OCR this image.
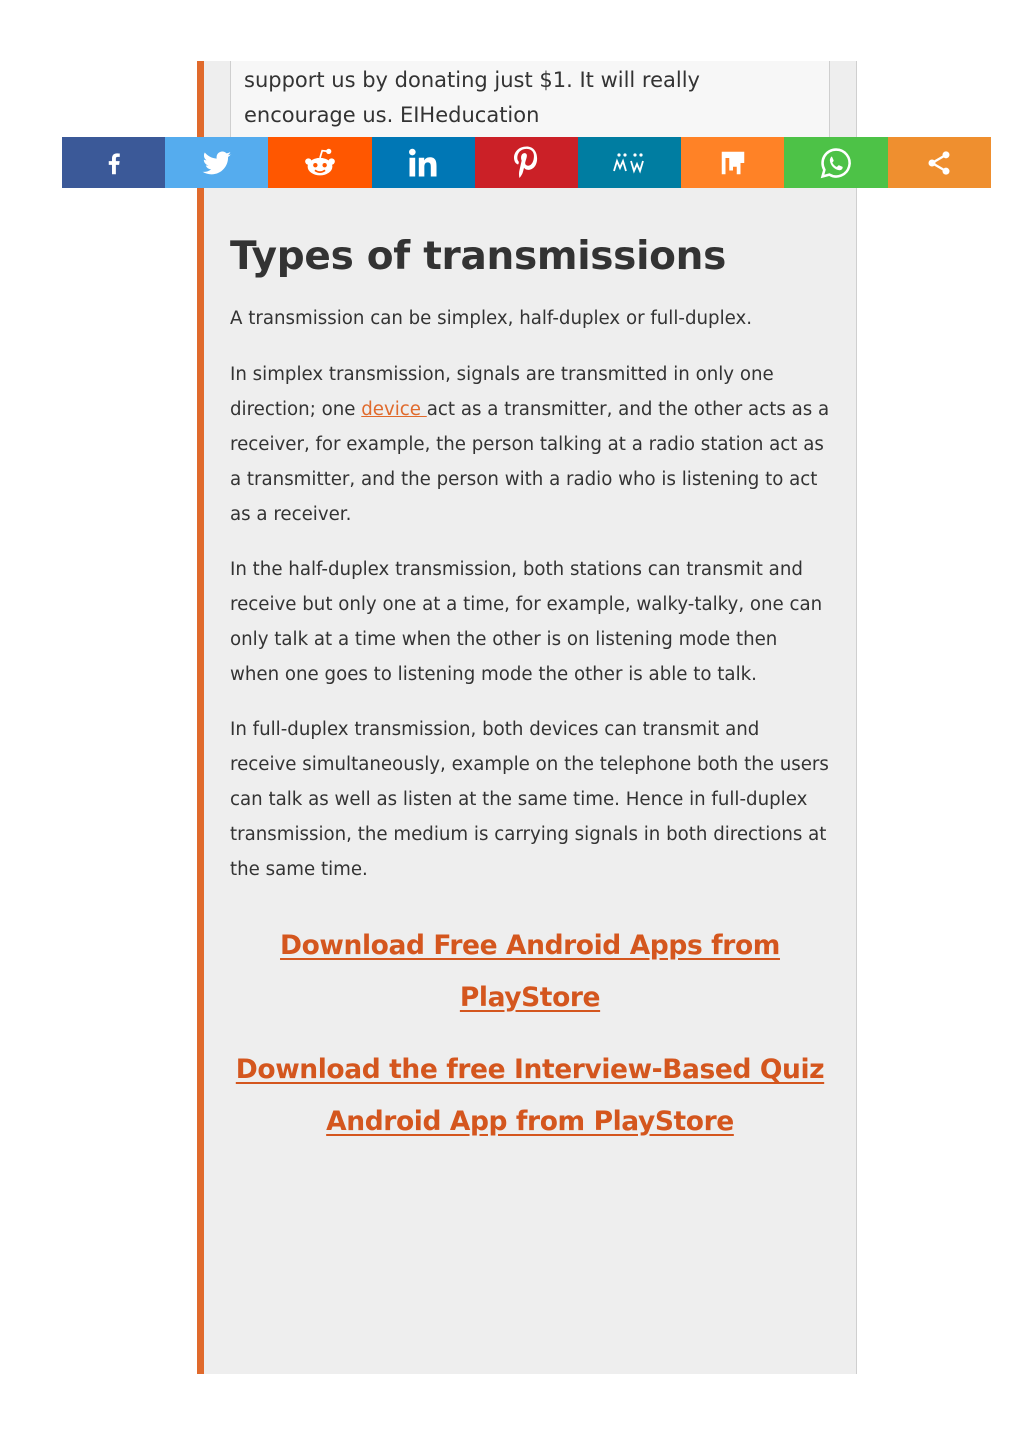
support us by donating just $1. It will really
encourage us. EIHeducation
Types of transmissions

A transmission can be simplex, half-duplex or full-duplex.

In simplex transmission, signals are transmitted in only one direction; one device act as a transmitter, and the other acts as a receiver, for example, the person talking at a radio station act as a transmitter, and the person with a radio who is listening to act as a receiver.

In the half-duplex transmission, both stations can transmit and receive but only one at a time, for example, walky-talky, one can only talk at a time when the other is on listening mode then when one goes to listening mode the other is able to talk.

In full-duplex transmission, both devices can transmit and receive simultaneously, example on the telephone both the users can talk as well as listen at the same time. Hence in full-duplex transmission, the medium is carrying signals in both directions at the same time.

Download Free Android Apps from PlayStore
Download the free Interview-Based Quiz Android App from PlayStore
